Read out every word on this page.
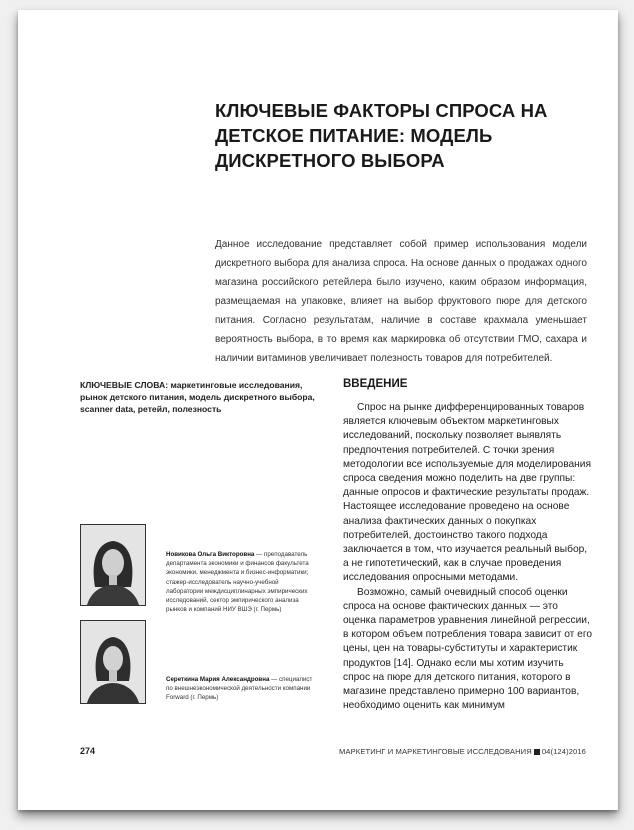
КЛЮЧЕВЫЕ ФАКТОРЫ СПРОСА НА ДЕТСКОЕ ПИТАНИЕ: МОДЕЛЬ ДИСКРЕТНОГО ВЫБОРА

Данное исследование представляет собой пример использования модели дискретного выбора для анализа спроса. На основе данных о продажах одного магазина российского ретейлера было изучено, каким образом информация, размещаемая на упаковке, влияет на выбор фруктового пюре для детского питания. Согласно результатам, наличие в составе крахмала уменьшает вероятность выбора, в то время как маркировка об отсутствии ГМО, сахара и наличии витаминов увеличивает полезность товаров для потребителей.

КЛЮЧЕВЫЕ СЛОВА: маркетинговые исследования, рынок детского питания, модель дискретного выбора, scanner data, ретейл, полезность

ВВЕДЕНИЕ

Спрос на рынке дифференцированных товаров является ключевым объектом маркетинговых исследований, поскольку позволяет выявлять предпочтения потребителей. С точки зрения методологии все используемые для моделирования спроса сведения можно поделить на две группы: данные опросов и фактические результаты продаж. Настоящее исследование проведено на основе анализа фактических данных о покупках потребителей, достоинство такого подхода заключается в том, что изучается реальный выбор, а не гипотетический, как в случае проведения исследования опросными методами.

Возможно, самый очевидный способ оценки спроса на основе фактических данных — это оценка параметров уравнения линейной регрессии, в котором объем потребления товара зависит от его цены, цен на товары-субституты и характеристик продуктов [14]. Однако если мы хотим изучить спрос на пюре для детского питания, которого в магазине представлено примерно 100 вариантов, необходимо оценить как минимум

Новикова Ольга Викторовна — преподаватель департамента экономики и финансов факультета экономики, менеджмента и бизнес-информатики; стажер-исследователь научно-учебной лаборатории междисциплинарных эмпирических исследований, сектор эмпирического анализа рынков и компаний НИУ ВШЭ (г. Пермь)

Сереткина Мария Александровна — специалист по внешнеэкономической деятельности компании Forward (г. Пермь)

274	МАРКЕТИНГ И МАРКЕТИНГОВЫЕ ИССЛЕДОВАНИЯ 04(124)2016
